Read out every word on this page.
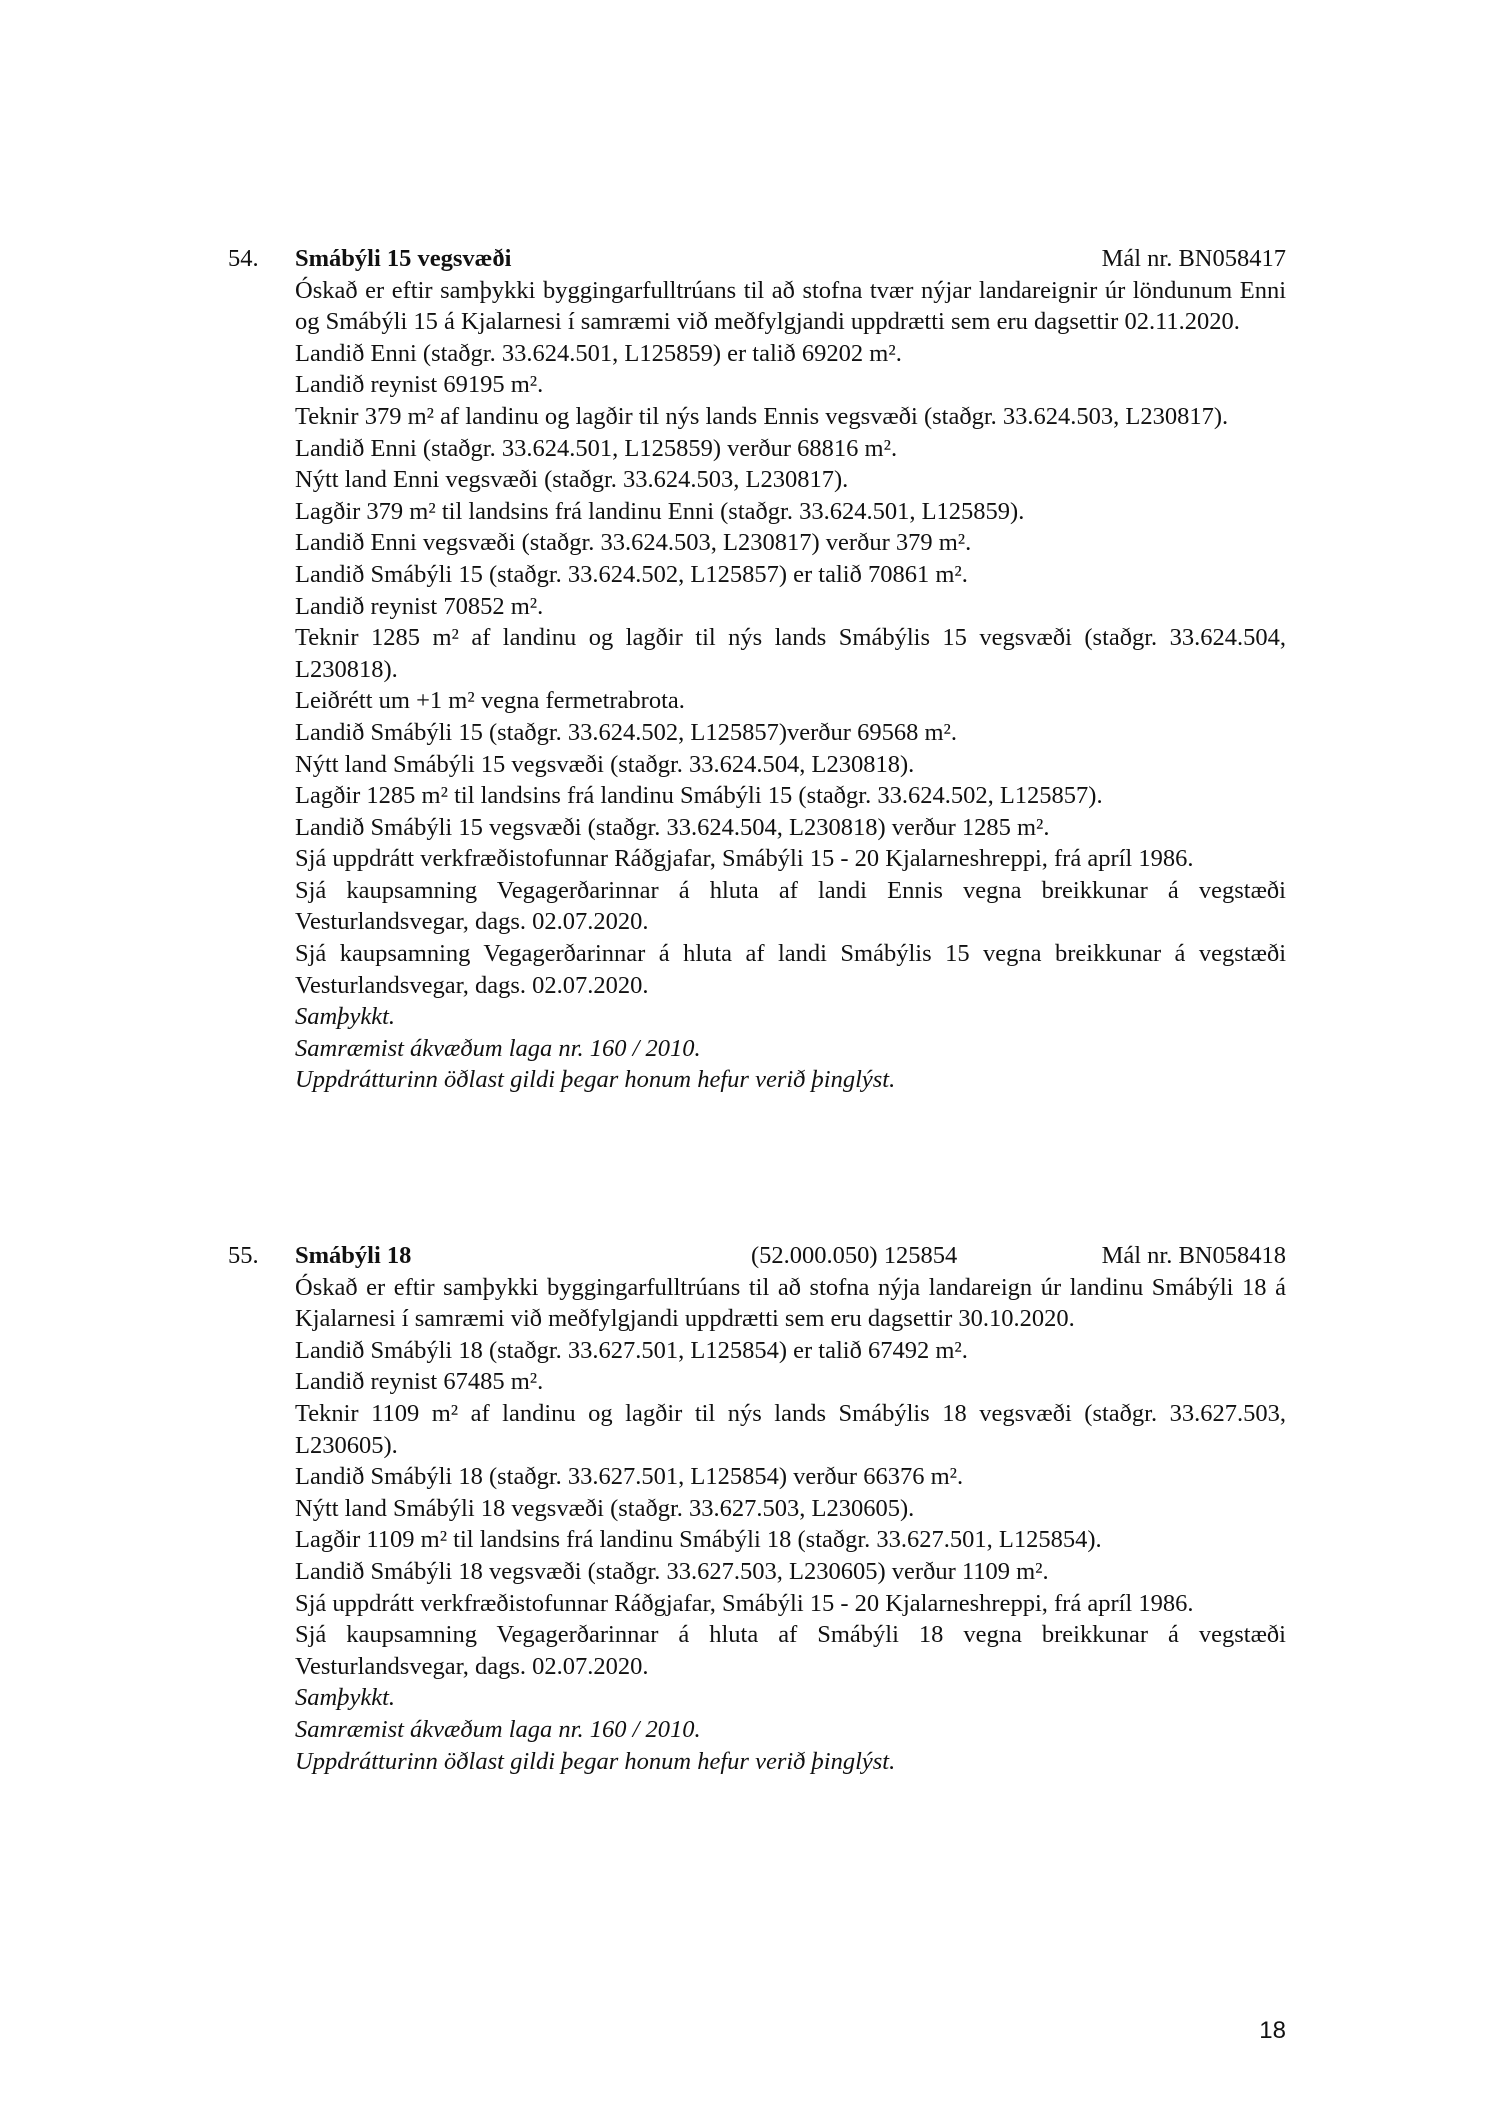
54. Smábýli 15 vegsvæði	Mál nr. BN058417

Óskað er eftir samþykki byggingarfulltrúans til að stofna tvær nýjar landareignir úr löndunum Enni og Smábýli 15 á Kjalarnesi í samræmi við meðfylgjandi uppdrætti sem eru dagsettir 02.11.2020.

Landið Enni (staðgr. 33.624.501, L125859) er talið 69202 m².

Landið reynist 69195 m².

Teknir 379 m² af landinu og lagðir til nýs lands Ennis vegsvæði (staðgr. 33.624.503, L230817).

Landið Enni (staðgr. 33.624.501, L125859) verður 68816 m².

Nýtt land Enni vegsvæði (staðgr. 33.624.503, L230817).

Lagðir 379 m² til landsins frá landinu Enni (staðgr. 33.624.501, L125859).

Landið Enni vegsvæði (staðgr. 33.624.503, L230817) verður 379 m².

Landið Smábýli 15 (staðgr. 33.624.502, L125857) er talið 70861 m².

Landið reynist 70852 m².

Teknir 1285 m² af landinu og lagðir til nýs lands Smábýlis 15 vegsvæði (staðgr. 33.624.504, L230818).

Leiðrétt um +1 m² vegna fermetrabrota.

Landið Smábýli 15 (staðgr. 33.624.502, L125857)verður 69568 m².

Nýtt land Smábýli 15 vegsvæði (staðgr. 33.624.504, L230818).

Lagðir 1285 m² til landsins frá landinu Smábýli 15 (staðgr. 33.624.502, L125857).

Landið Smábýli 15 vegsvæði (staðgr. 33.624.504, L230818) verður 1285 m².

Sjá uppdrátt verkfræðistofunnar Ráðgjafar, Smábýli 15 - 20 Kjalarneshreppi, frá apríl 1986.

Sjá kaupsamning Vegagerðarinnar á hluta af landi Ennis vegna breikkunar á vegstæði Vesturlandsvegar, dags. 02.07.2020.

Sjá kaupsamning Vegagerðarinnar á hluta af landi Smábýlis 15 vegna breikkunar á vegstæði Vesturlandsvegar, dags. 02.07.2020.

Samþykkt.

Samræmist ákvæðum laga nr. 160 / 2010.

Uppdrátturinn öðlast gildi þegar honum hefur verið þinglýst.

55. Smábýli 18	(52.000.050) 125854	Mál nr. BN058418

Óskað er eftir samþykki byggingarfulltrúans til að stofna nýja landareign úr landinu Smábýli 18 á Kjalarnesi í samræmi við meðfylgjandi uppdrætti sem eru dagsettir 30.10.2020.

Landið Smábýli 18 (staðgr. 33.627.501, L125854) er talið 67492 m².

Landið reynist 67485 m².

Teknir 1109 m² af landinu og lagðir til nýs lands Smábýlis 18 vegsvæði (staðgr. 33.627.503, L230605).

Landið Smábýli 18 (staðgr. 33.627.501, L125854) verður 66376 m².

Nýtt land Smábýli 18 vegsvæði (staðgr. 33.627.503, L230605).

Lagðir 1109 m² til landsins frá landinu Smábýli 18 (staðgr. 33.627.501, L125854).

Landið Smábýli 18 vegsvæði (staðgr. 33.627.503, L230605) verður 1109 m².

Sjá uppdrátt verkfræðistofunnar Ráðgjafar, Smábýli 15 - 20 Kjalarneshreppi, frá apríl 1986.

Sjá kaupsamning Vegagerðarinnar á hluta af Smábýli 18 vegna breikkunar á vegstæði Vesturlandsvegar, dags. 02.07.2020.

Samþykkt.

Samræmist ákvæðum laga nr. 160 / 2010.

Uppdrátturinn öðlast gildi þegar honum hefur verið þinglýst.

18
